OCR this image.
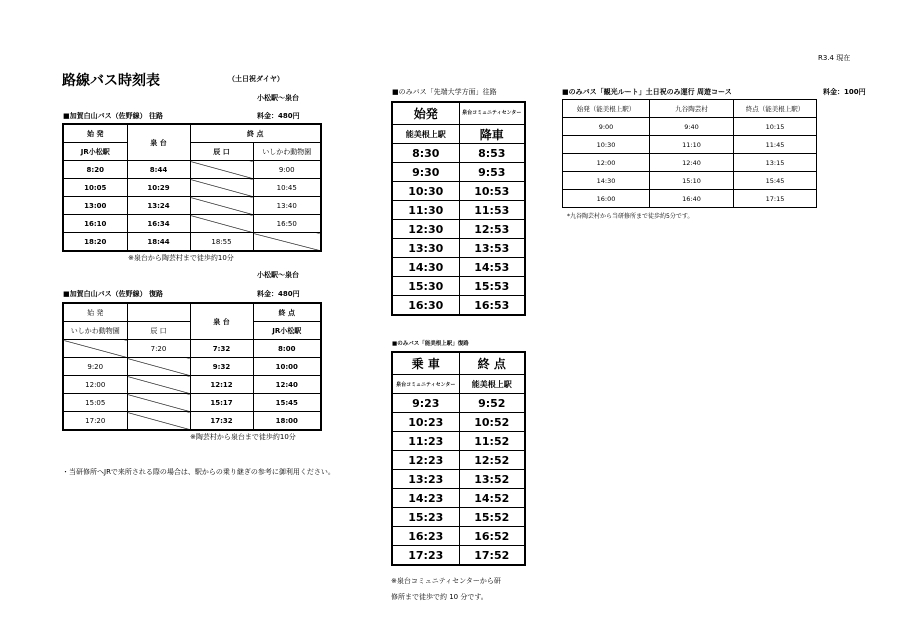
R3.4 現在
路線バス時刻表	（土日祝ダイヤ）
小松駅～泉台
■加賀白山バス（佐野線） 往路	料金：480円
始 発	泉 台	終 点	
JR小松駅		辰 口	いしかわ動物園
8:20	8:44		9:00
10:05	10:29		10:45
13:00	13:24		13:40
16:10	16:34		16:50
18:20	18:44	18:55	
※泉台から陶芸村まで徒歩約10分
小松駅～泉台
■加賀白山バス（佐野線） 復路	料金：480円
始 発		泉 台	終 点
いしかわ動物園	辰 口		JR小松駅
	7:20	7:32	8:00
9:20		9:32	10:00
12:00		12:12	12:40
15:05		15:17	15:45
17:20		17:32	18:00
※陶芸村から泉台まで徒歩約10分
・当研修所へJRで来所される際の場合は、駅からの乗り継ぎの参考に御利用ください。
■のみバス「先端大学方面」往路
始発	泉台コミュニティセンター
能美根上駅	降車
8:30	8:53
9:30	9:53
10:30	10:53
11:30	11:53
12:30	12:53
13:30	13:53
14:30	14:53
15:30	15:53
16:30	16:53
■のみバス「能美根上駅」復路
乗 車	終 点
泉台コミュニティセンター	能美根上駅
9:23	9:52
10:23	10:52
11:23	11:52
12:23	12:52
13:23	13:52
14:23	14:52
15:23	15:52
16:23	16:52
17:23	17:52
※泉台コミュニティセンターから研
修所まで徒歩で約 10 分です。
■のみバス「観光ルート」土日祝のみ運行 周遊コース	料金：100円
始発（能美根上駅）	九谷陶芸村	終点（能美根上駅）
9:00	9:40	10:15
10:30	11:10	11:45
12:00	12:40	13:15
14:30	15:10	15:45
16:00	16:40	17:15
*九谷陶芸村から当研修所まで徒歩約5分です。
